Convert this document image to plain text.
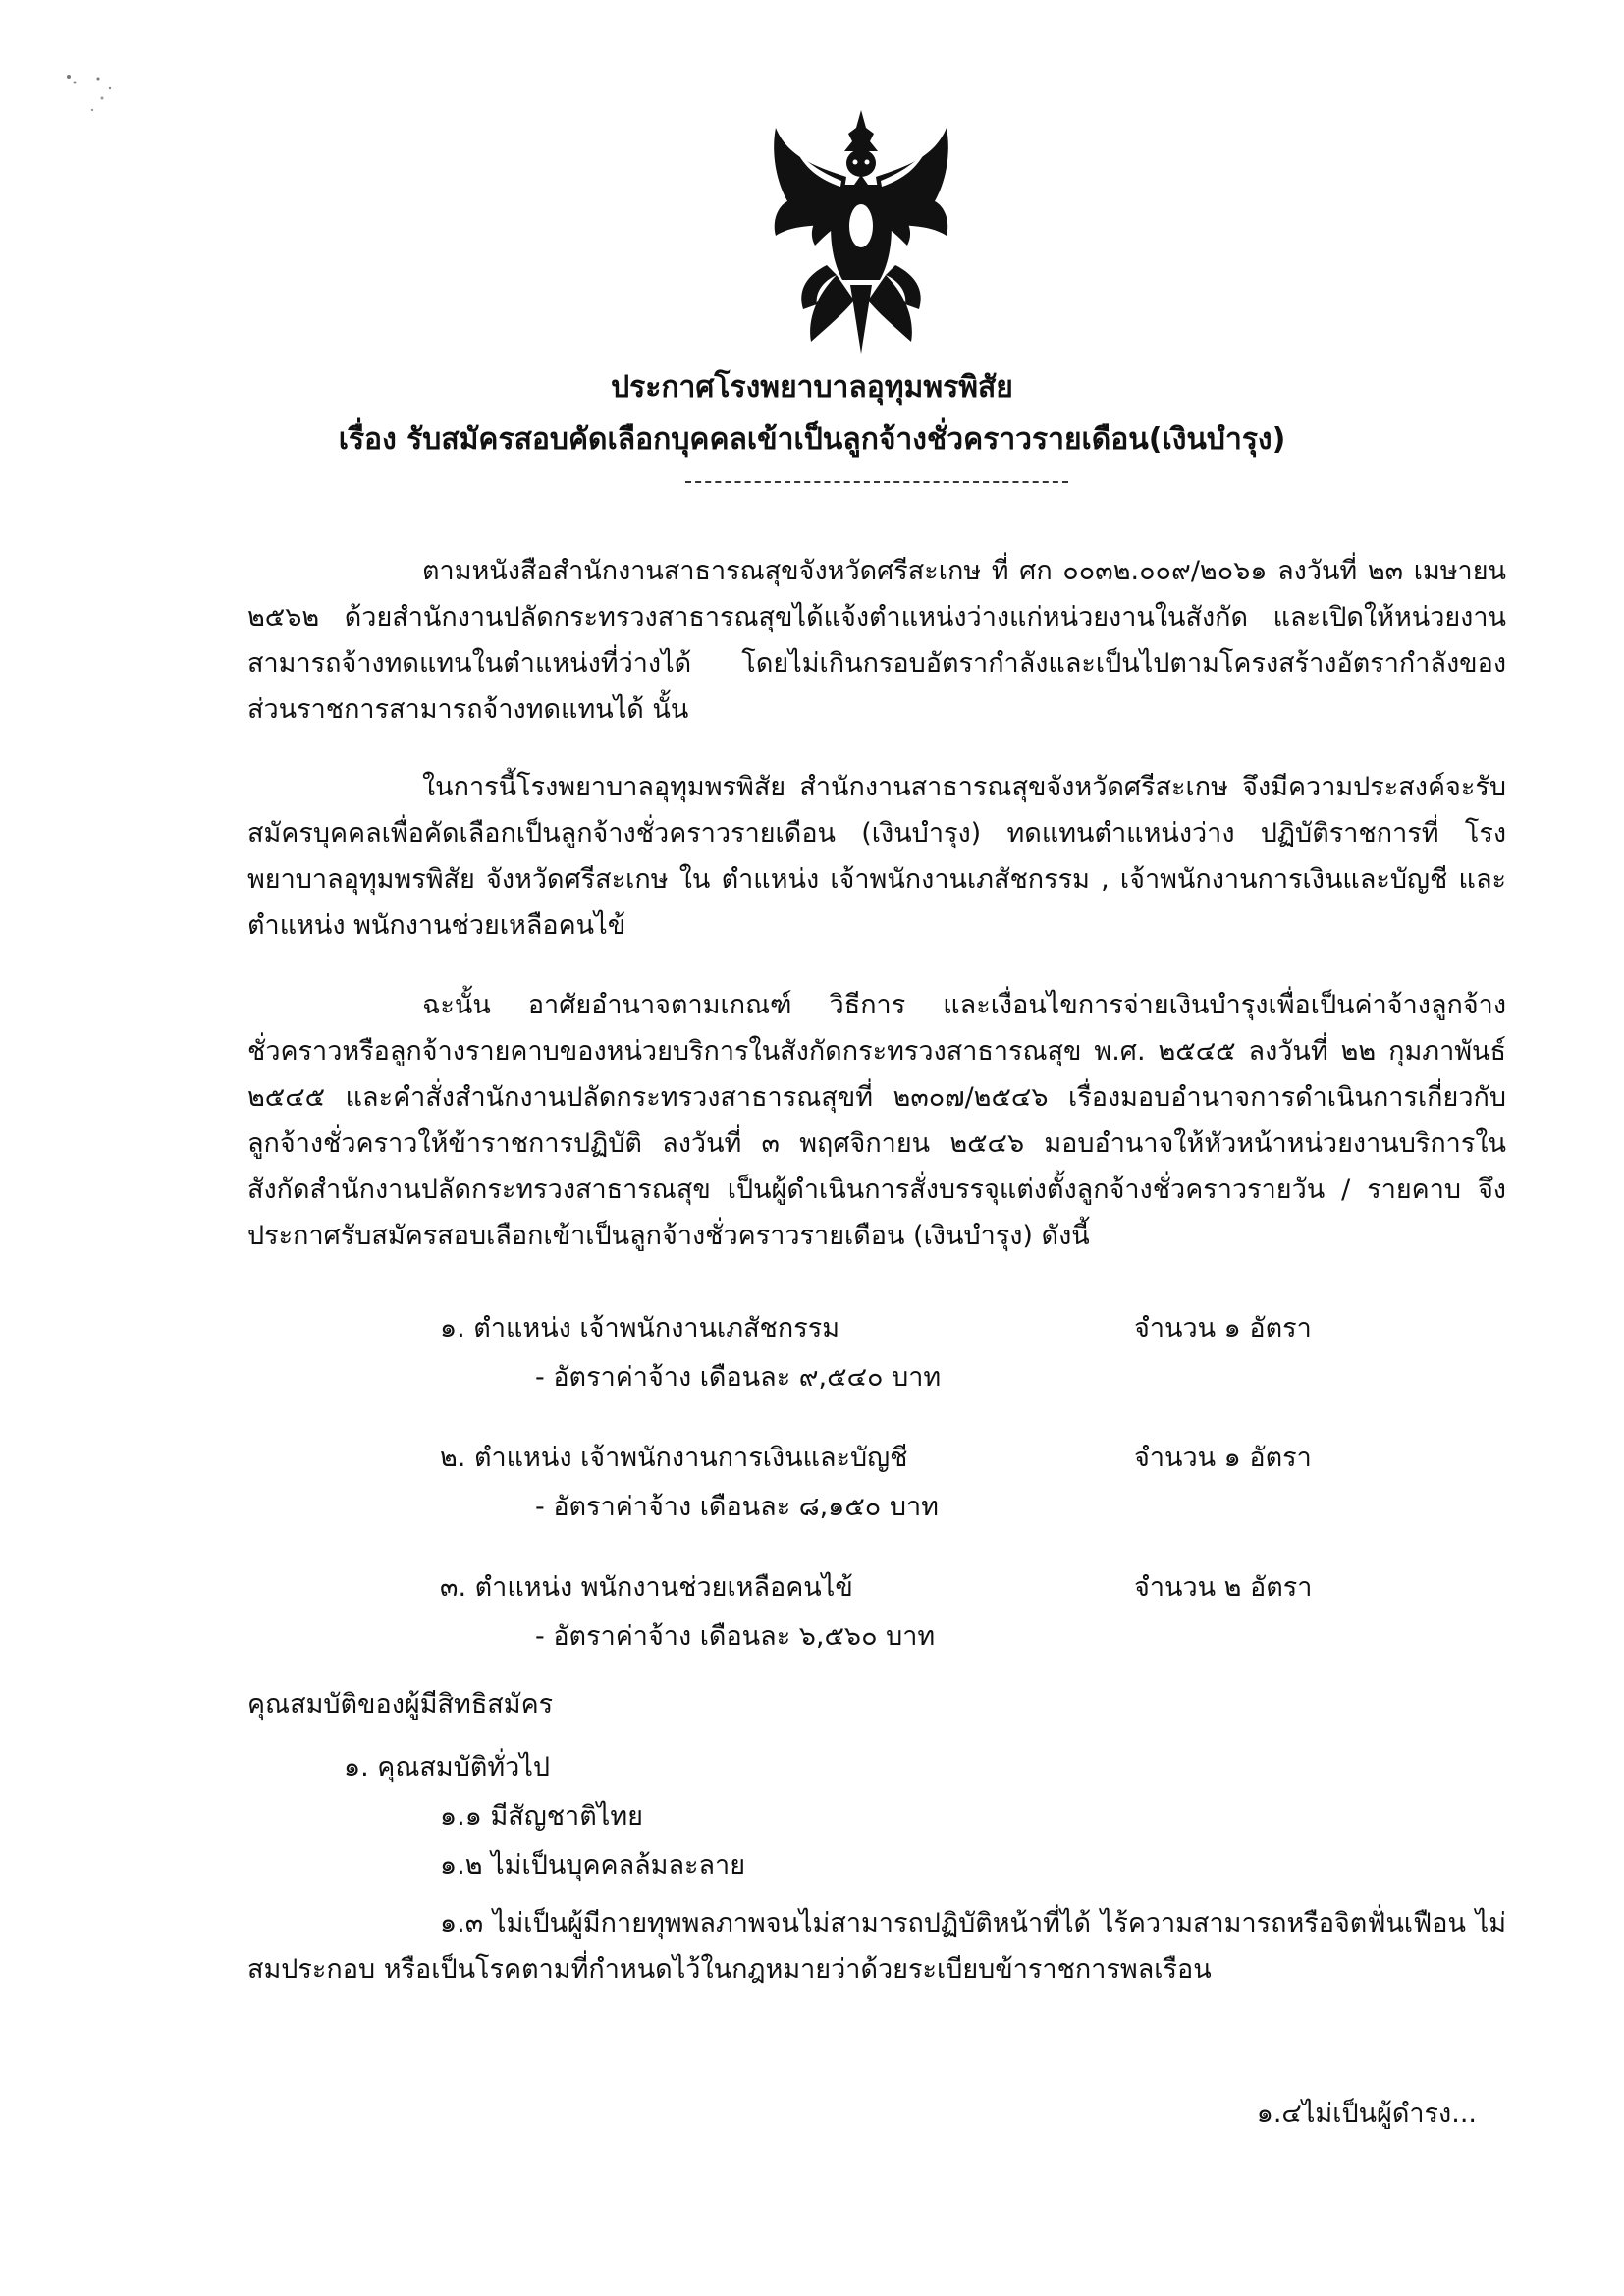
ประกาศโรงพยาบาลอุทุมพรพิสัย
เรื่อง รับสมัครสอบคัดเลือกบุคคลเข้าเป็นลูกจ้างชั่วคราวรายเดือน(เงินบำรุง)

ตามหนังสือสำนักงานสาธารณสุขจังหวัดศรีสะเกษ ที่ ศก ๐๐๓๒.๐๐๙/๒๐๖๑ ลงวันที่ ๒๓ เมษายน ๒๕๖๒ ด้วยสำนักงานปลัดกระทรวงสาธารณสุขได้แจ้งตำแหน่งว่างแก่หน่วยงานในสังกัด และเปิดให้หน่วยงานสามารถจ้างทดแทนในตำแหน่งที่ว่างได้ โดยไม่เกินกรอบอัตรากำลังและเป็นไปตามโครงสร้างอัตรากำลังของส่วนราชการสามารถจ้างทดแทนได้ นั้น

ในการนี้โรงพยาบาลอุทุมพรพิสัย สำนักงานสาธารณสุขจังหวัดศรีสะเกษ จึงมีความประสงค์จะรับสมัครบุคคลเพื่อคัดเลือกเป็นลูกจ้างชั่วคราวรายเดือน (เงินบำรุง) ทดแทนตำแหน่งว่าง ปฏิบัติราชการที่ โรงพยาบาลอุทุมพรพิสัย จังหวัดศรีสะเกษ ใน ตำแหน่ง เจ้าพนักงานเภสัชกรรม , เจ้าพนักงานการเงินและบัญชี และตำแหน่ง พนักงานช่วยเหลือคนไข้

ฉะนั้น อาศัยอำนาจตามเกณฑ์ วิธีการ และเงื่อนไขการจ่ายเงินบำรุงเพื่อเป็นค่าจ้างลูกจ้าง ชั่วคราวหรือลูกจ้างรายคาบของหน่วยบริการในสังกัดกระทรวงสาธารณสุข พ.ศ. ๒๕๔๕ ลงวันที่ ๒๒ กุมภาพันธ์ ๒๕๔๕ และคำสั่งสำนักงานปลัดกระทรวงสาธารณสุขที่ ๒๓๐๗/๒๕๔๖ เรื่องมอบอำนาจการดำเนินการเกี่ยวกับ ลูกจ้างชั่วคราวให้ข้าราชการปฏิบัติ ลงวันที่ ๓ พฤศจิกายน ๒๕๔๖ มอบอำนาจให้หัวหน้าหน่วยงานบริการใน สังกัดสำนักงานปลัดกระทรวงสาธารณสุข เป็นผู้ดำเนินการสั่งบรรจุแต่งตั้งลูกจ้างชั่วคราวรายวัน / รายคาบ จึงประกาศรับสมัครสอบเลือกเข้าเป็นลูกจ้างชั่วคราวรายเดือน (เงินบำรุง) ดังนี้

๑. ตำแหน่ง เจ้าพนักงานเภสัชกรรม	จำนวน ๑ อัตรา
- อัตราค่าจ้าง เดือนละ ๙,๕๔๐ บาท
๒. ตำแหน่ง เจ้าพนักงานการเงินและบัญชี	จำนวน ๑ อัตรา
- อัตราค่าจ้าง เดือนละ ๘,๑๕๐ บาท
๓. ตำแหน่ง พนักงานช่วยเหลือคนไข้	จำนวน ๒ อัตรา
- อัตราค่าจ้าง เดือนละ ๖,๕๖๐ บาท
คุณสมบัติของผู้มีสิทธิสมัคร
๑. คุณสมบัติทั่วไป
๑.๑ มีสัญชาติไทย
๑.๒ ไม่เป็นบุคคลล้มละลาย

๑.๓ ไม่เป็นผู้มีกายทุพพลภาพจนไม่สามารถปฏิบัติหน้าที่ได้ ไร้ความสามารถหรือจิตฟั่นเฟือน ไม่สมประกอบ หรือเป็นโรคตามที่กำหนดไว้ในกฎหมายว่าด้วยระเบียบข้าราชการพลเรือน

๑.๔ไม่เป็นผู้ดำรง...
